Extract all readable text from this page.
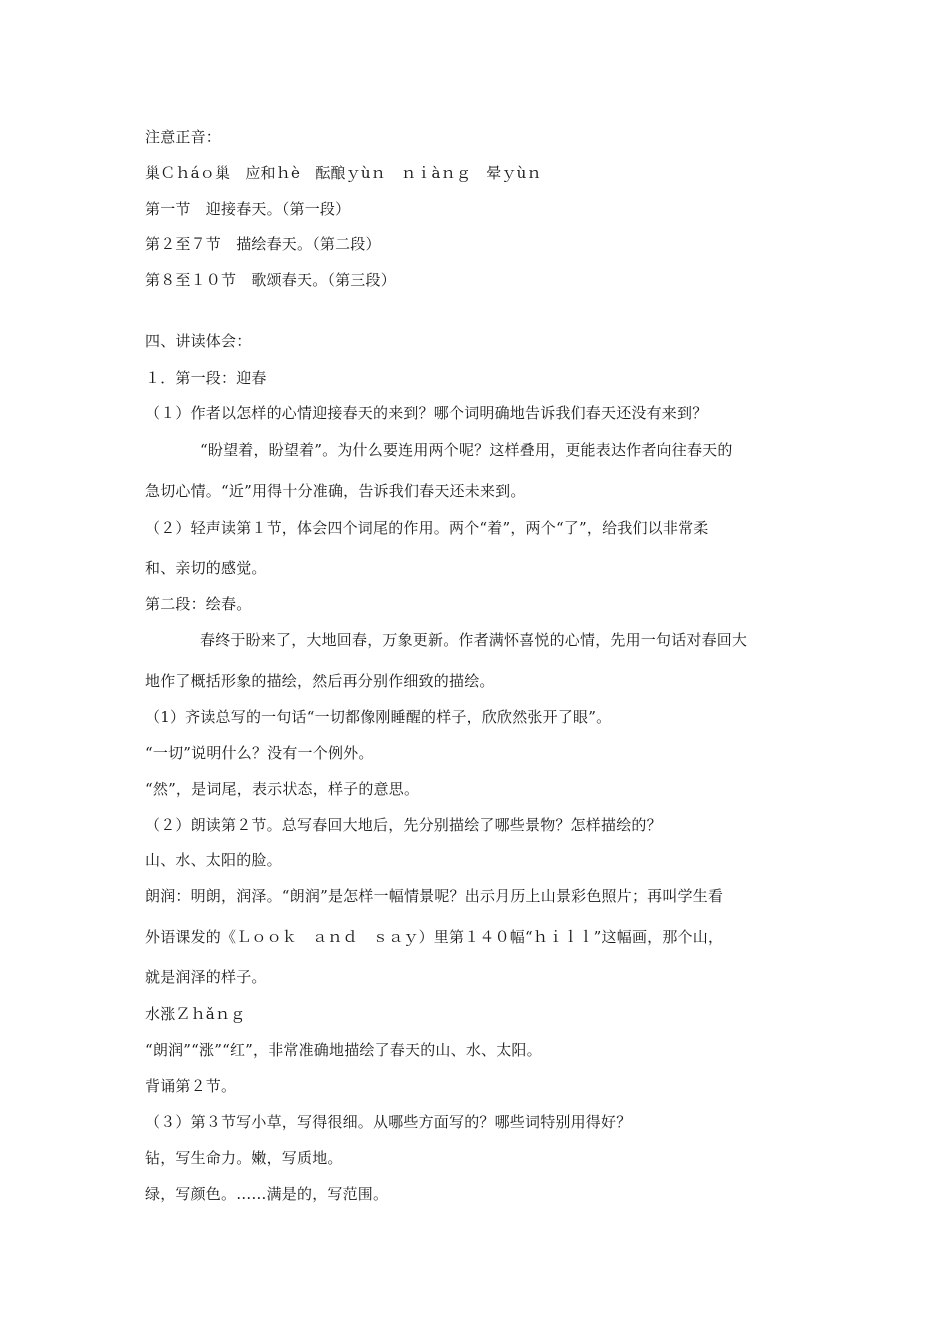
注意正音：
巢Ｃｈáｏ巢　应和ｈè　酝酿ｙùｎ　ｎｉàｎｇ　晕ｙùｎ
第一节　迎接春天。（第一段）
第２至７节　描绘春天。（第二段）
第８至１０节　歌颂春天。（第三段）
四、讲读体会：
１．第一段：迎春
（１）作者以怎样的心情迎接春天的来到？哪个词明确地告诉我们春天还没有来到？
“盼望着，盼望着”。为什么要连用两个呢？这样叠用，更能表达作者向往春天的
急切心情。“近”用得十分准确，告诉我们春天还未来到。
（２）轻声读第１节，体会四个词尾的作用。两个“着”，两个“了”，给我们以非常柔
和、亲切的感觉。
第二段：绘春。
春终于盼来了，大地回春，万象更新。作者满怀喜悦的心情，先用一句话对春回大
地作了概括形象的描绘，然后再分别作细致的描绘。
（1）齐读总写的一句话“一切都像刚睡醒的样子，欣欣然张开了眼”。
“一切”说明什么？没有一个例外。
“然”，是词尾，表示状态，样子的意思。
（２）朗读第２节。总写春回大地后，先分别描绘了哪些景物？怎样描绘的？
山、水、太阳的脸。
朗润：明朗，润泽。“朗润”是怎样一幅情景呢？出示月历上山景彩色照片；再叫学生看
外语课发的《Ｌｏｏｋ　ａｎｄ　ｓａｙ）里第１４０幅“ｈｉｌｌ”这幅画，那个山，
就是润泽的样子。
水涨Ｚｈǎｎｇ
“朗润”“涨”“红”，非常准确地描绘了春天的山、水、太阳。
背诵第２节。
（３）第３节写小草，写得很细。从哪些方面写的？哪些词特别用得好？
钻，写生命力。嫩，写质地。
绿，写颜色。……满是的，写范围。
